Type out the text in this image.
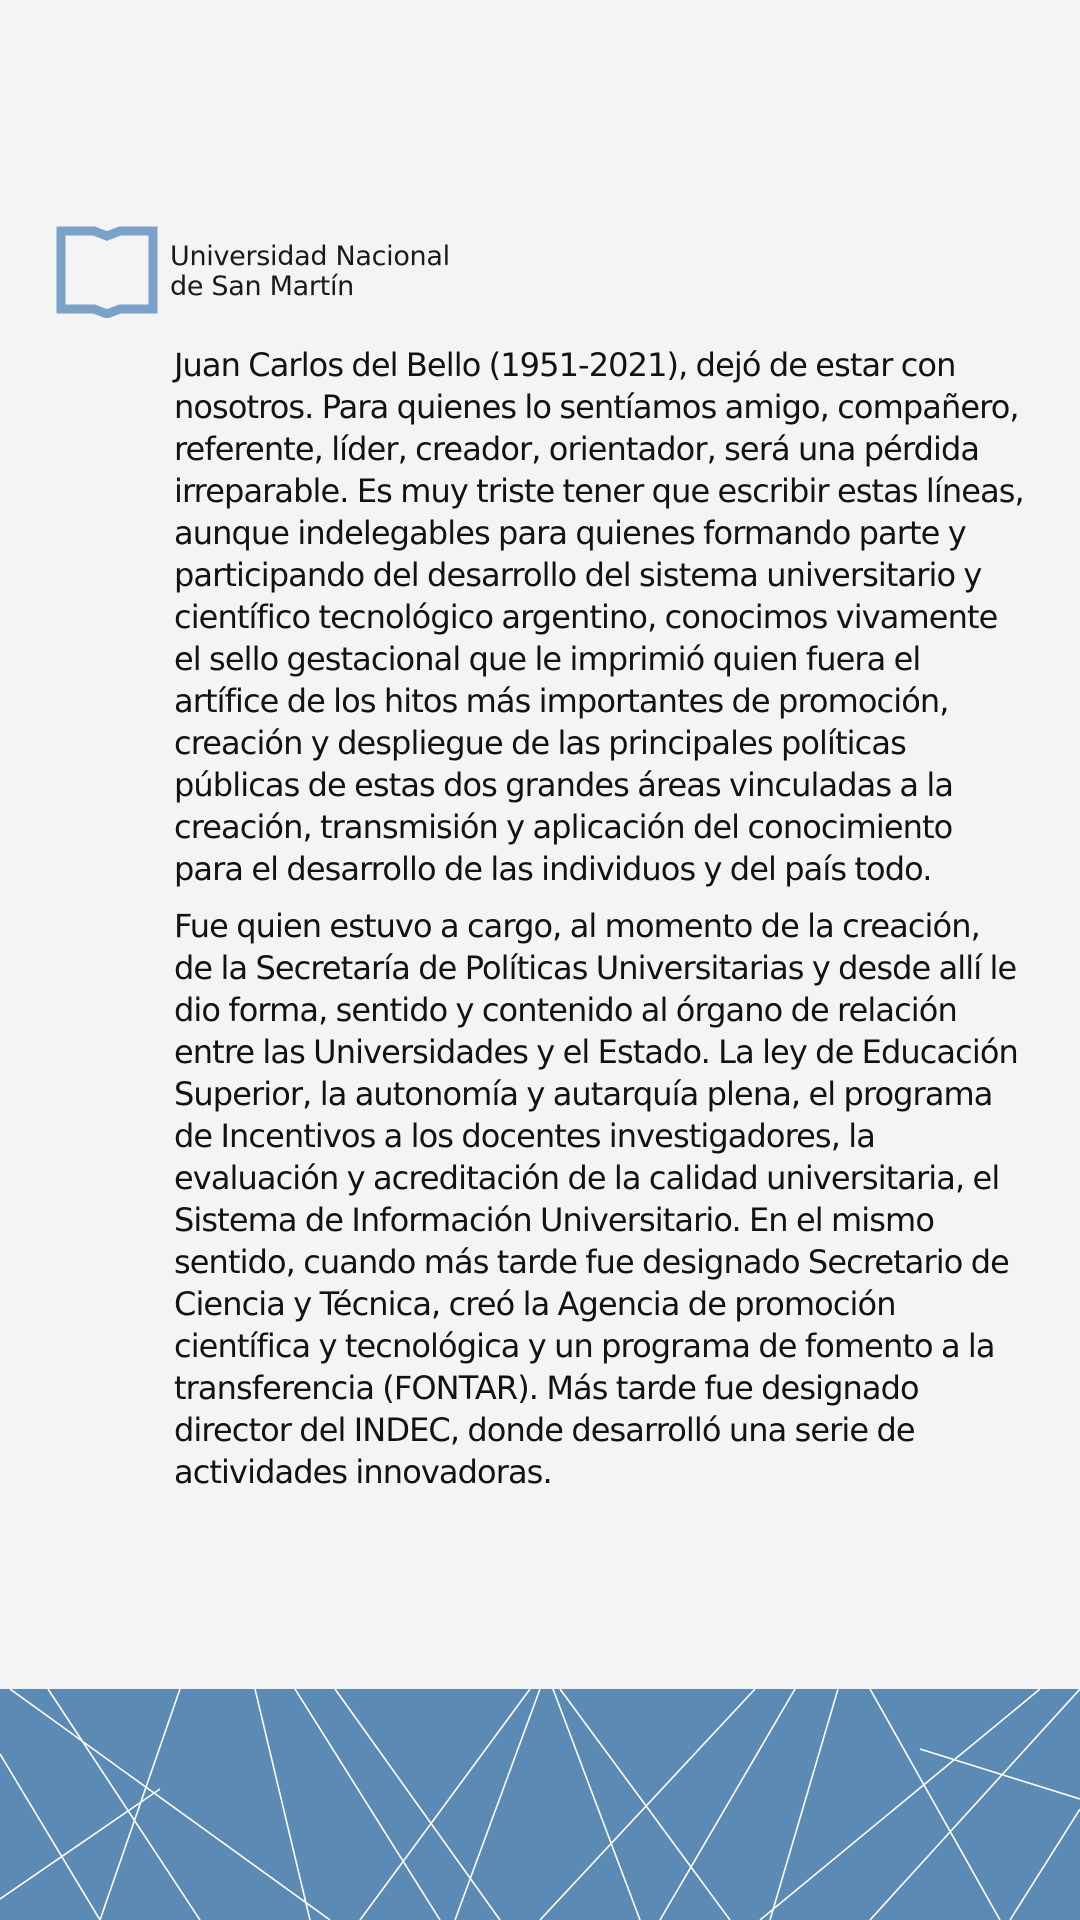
Universidad Nacional
de San Martín

Juan Carlos del Bello (1951-2021), dejó de estar con nosotros. Para quienes lo sentíamos amigo, compañero, referente, líder, creador, orientador, será una pérdida irreparable. Es muy triste tener que escribir estas líneas, aunque indelegables para quienes formando parte y participando del desarrollo del sistema universitario y científico tecnológico argentino, conocimos vivamente el sello gestacional que le imprimió quien fuera el artífice de los hitos más importantes de promoción, creación y despliegue de las principales políticas públicas de estas dos grandes áreas vinculadas a la creación, transmisión y aplicación del conocimiento para el desarrollo de las individuos y del país todo.

Fue quien estuvo a cargo, al momento de la creación, de la Secretaría de Políticas Universitarias y desde allí le dio forma, sentido y contenido al órgano de relación entre las Universidades y el Estado. La ley de Educación Superior, la autonomía y autarquía plena, el programa de Incentivos a los docentes investigadores, la evaluación y acreditación de la calidad universitaria, el Sistema de Información Universitario. En el mismo sentido, cuando más tarde fue designado Secretario de Ciencia y Técnica, creó la Agencia de promoción científica y tecnológica y un programa de fomento a la transferencia (FONTAR). Más tarde fue designado director del INDEC, donde desarrolló una serie de actividades innovadoras.
